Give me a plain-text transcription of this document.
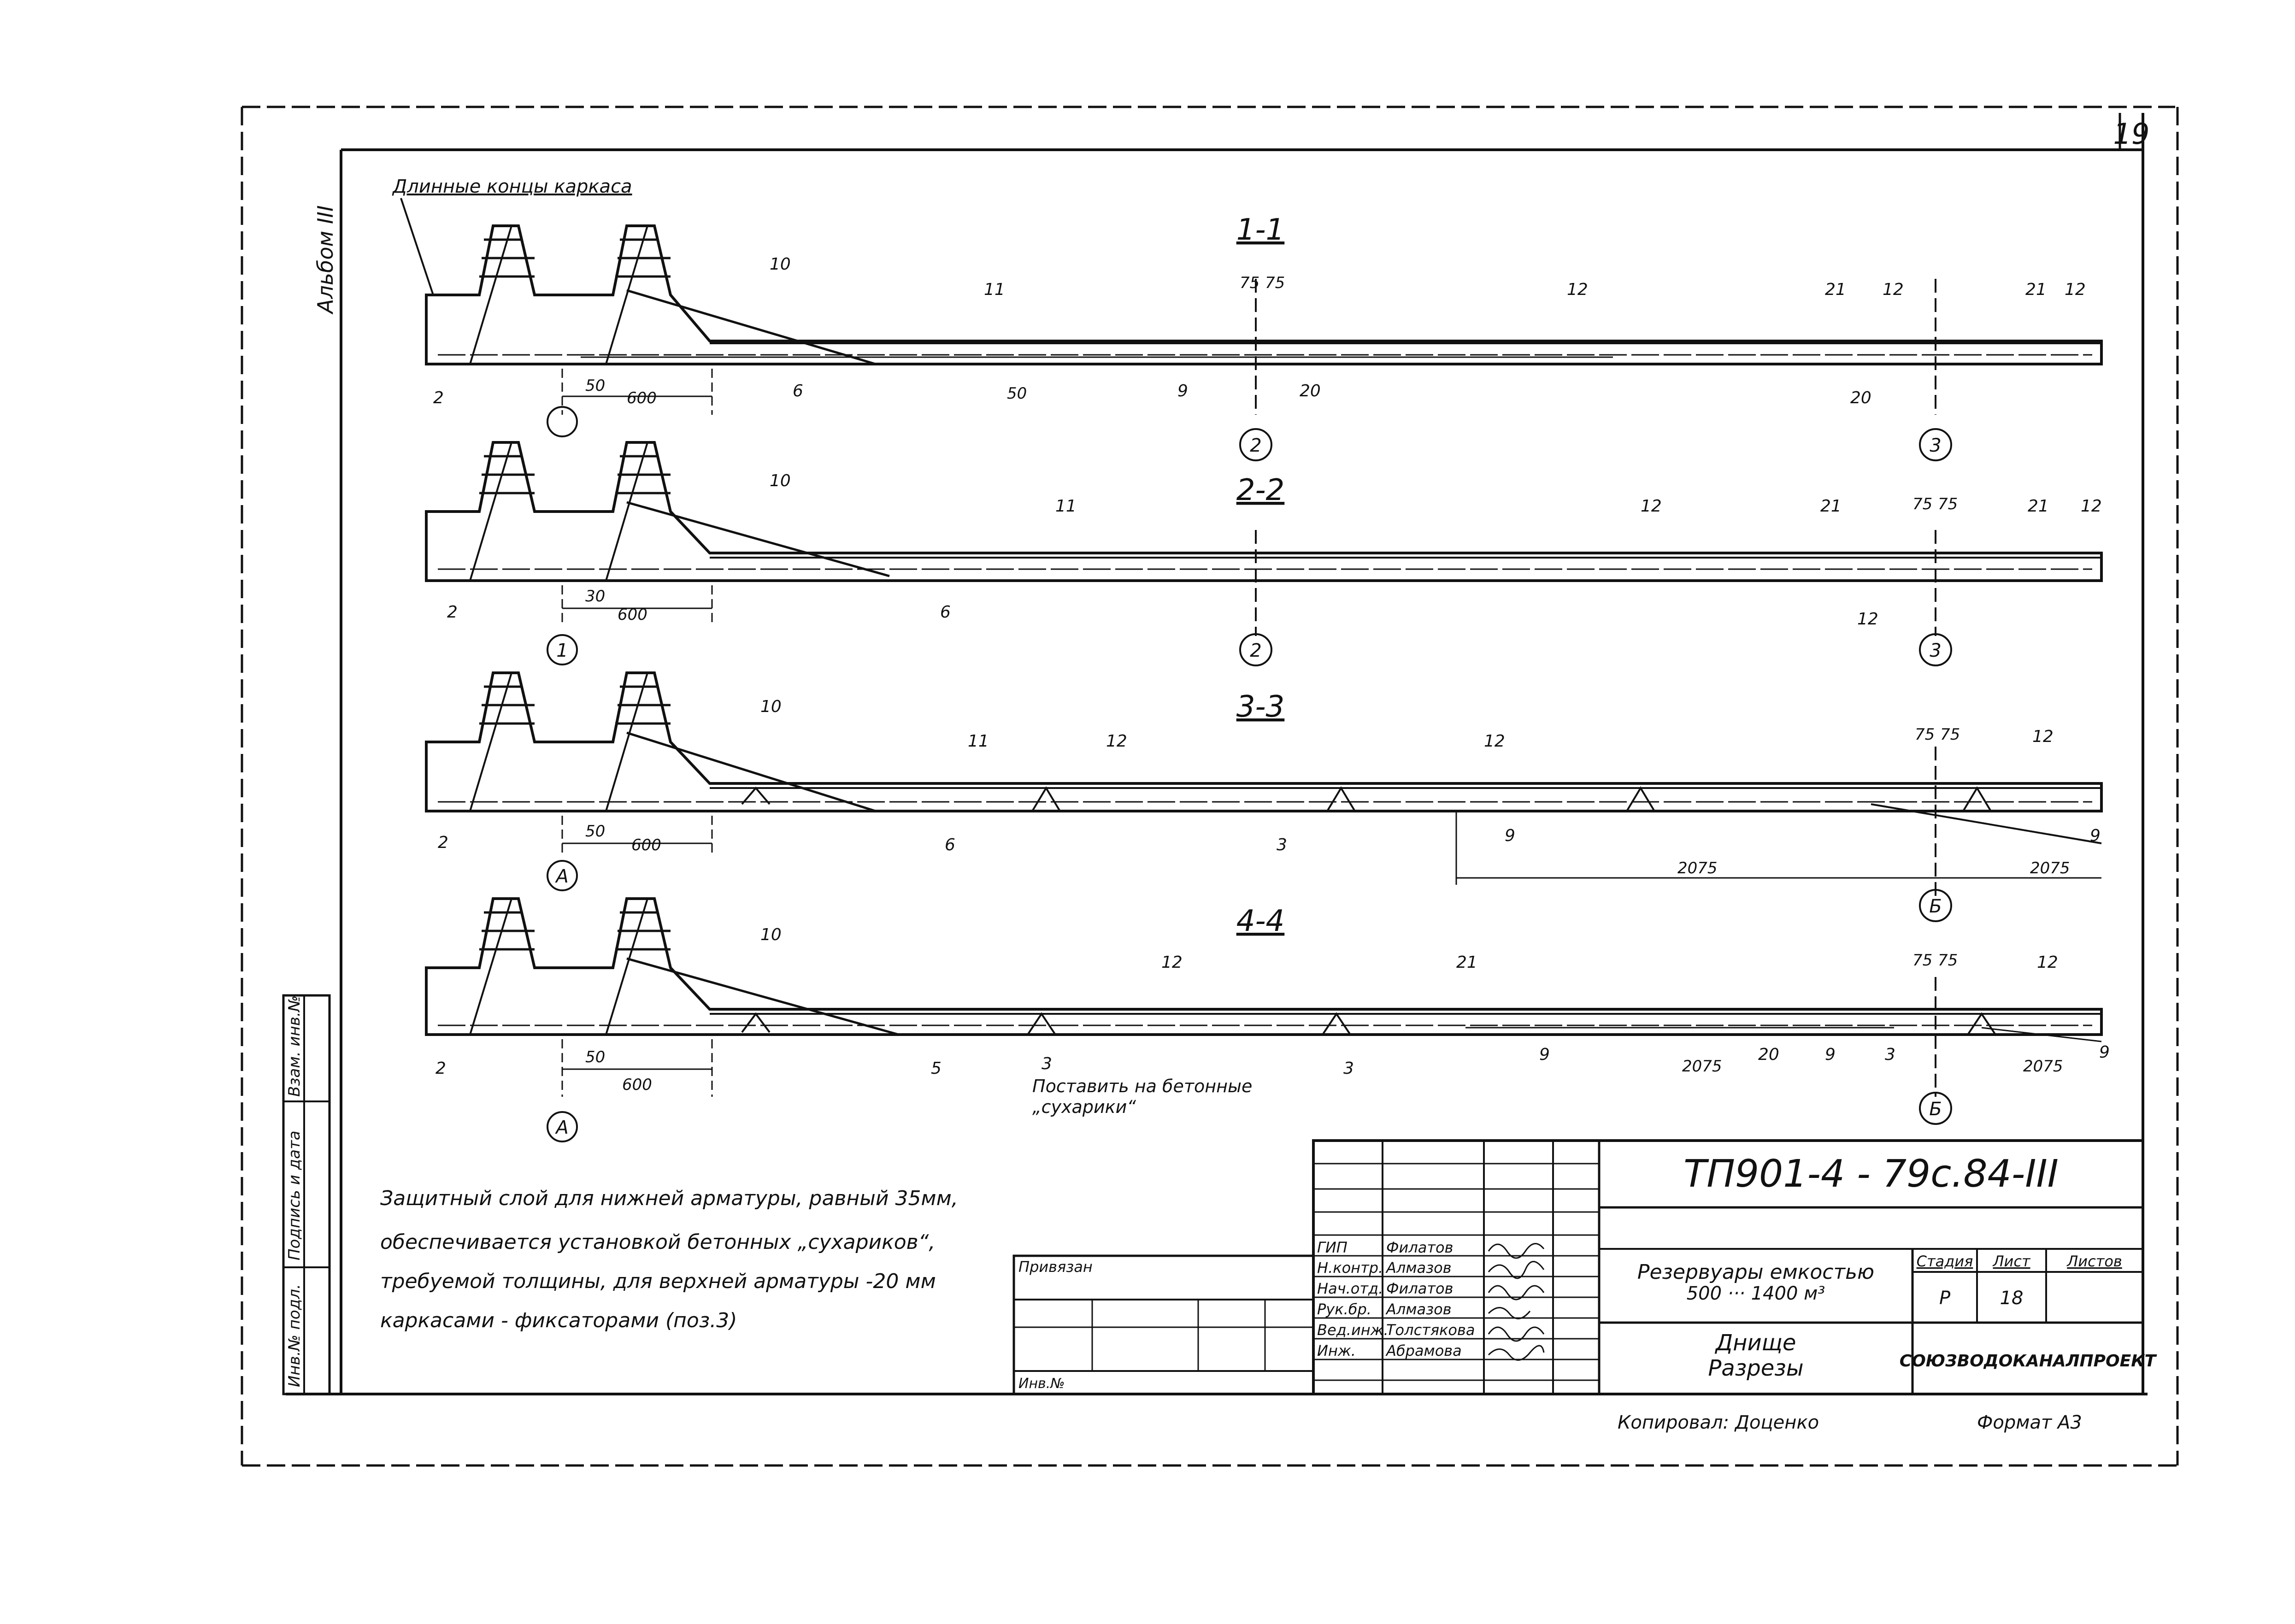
19
Альбом III
Длинные концы каркаса
Инв.№ подл.
Подпись и дата
Взам. инв.№
1-1
50
600
75 75
50
10
11	12	21 12	21 12
2	6	9	20	20
2	3
2-2
30
600
75 75
10
11	12	21	21 12
2	6	12
1	2	3
3-3
50
600
75 75
2075	2075
10
11	12	12	12
2	6	3	9	9
А
Б
4-4
50
600
75 75
2075	2075
10
12	21	12
2	5	3	3
9	20	9	3	9
Поставить на бетонные
„сухарики“
А
Б
Защитный слой для нижней арматуры, равный 35мм,
обеспечивается установкой бетонных „сухариков“,
требуемой толщины, для верхней арматуры -20 мм
каркасами - фиксаторами (поз.3)
Привязан
Инв.№
ГИП	Филатов
Н.контр. Алмазов
Нач.отд. Филатов
Рук.бр. Алмазов
Вед.инж.
Толстякова
Инж. Абрамова
ТП901-4 - 79с.84-III
Резервуары емкостью
500 ··· 1400 м³
Днище
Разрезы
Стадия Лист Листов
Р	18
СОЮЗВОДОКАНАЛПРОЕКТ
Копировал: Доценко	Формат А3
